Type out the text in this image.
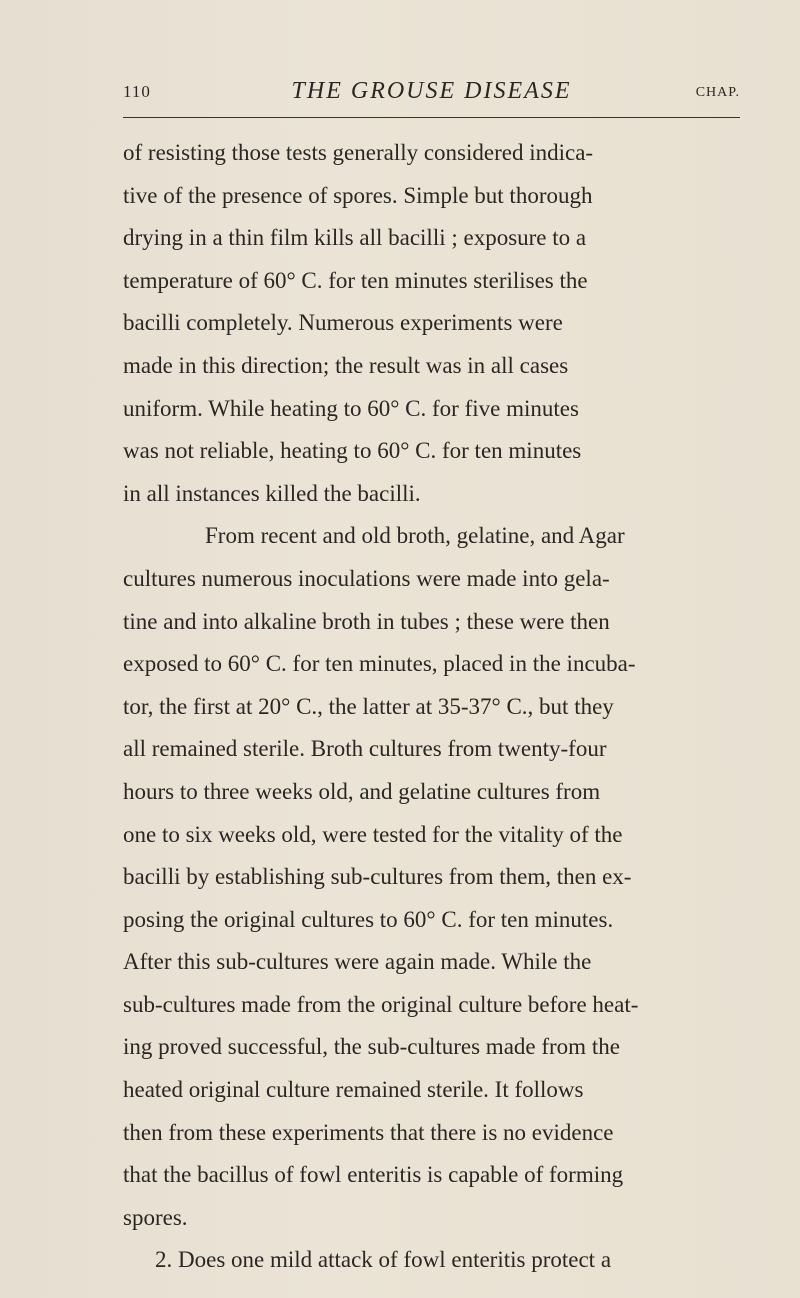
110	THE GROUSE DISEASE	CHAP.
of resisting those tests generally considered indica-
tive of the presence of spores. Simple but thorough
drying in a thin film kills all bacilli ; exposure to a
temperature of 60° C. for ten minutes sterilises the
bacilli completely. Numerous experiments were
made in this direction; the result was in all cases
uniform. While heating to 60° C. for five minutes
was not reliable, heating to 60° C. for ten minutes
in all instances killed the bacilli.
From recent and old broth, gelatine, and Agar
cultures numerous inoculations were made into gela-
tine and into alkaline broth in tubes ; these were then
exposed to 60° C. for ten minutes, placed in the incuba-
tor, the first at 20° C., the latter at 35-37° C., but they
all remained sterile. Broth cultures from twenty-four
hours to three weeks old, and gelatine cultures from
one to six weeks old, were tested for the vitality of the
bacilli by establishing sub-cultures from them, then ex-
posing the original cultures to 60° C. for ten minutes.
After this sub-cultures were again made. While the
sub-cultures made from the original culture before heat-
ing proved successful, the sub-cultures made from the
heated original culture remained sterile. It follows
then from these experiments that there is no evidence
that the bacillus of fowl enteritis is capable of forming
spores.
2. Does one mild attack of fowl enteritis protect a
